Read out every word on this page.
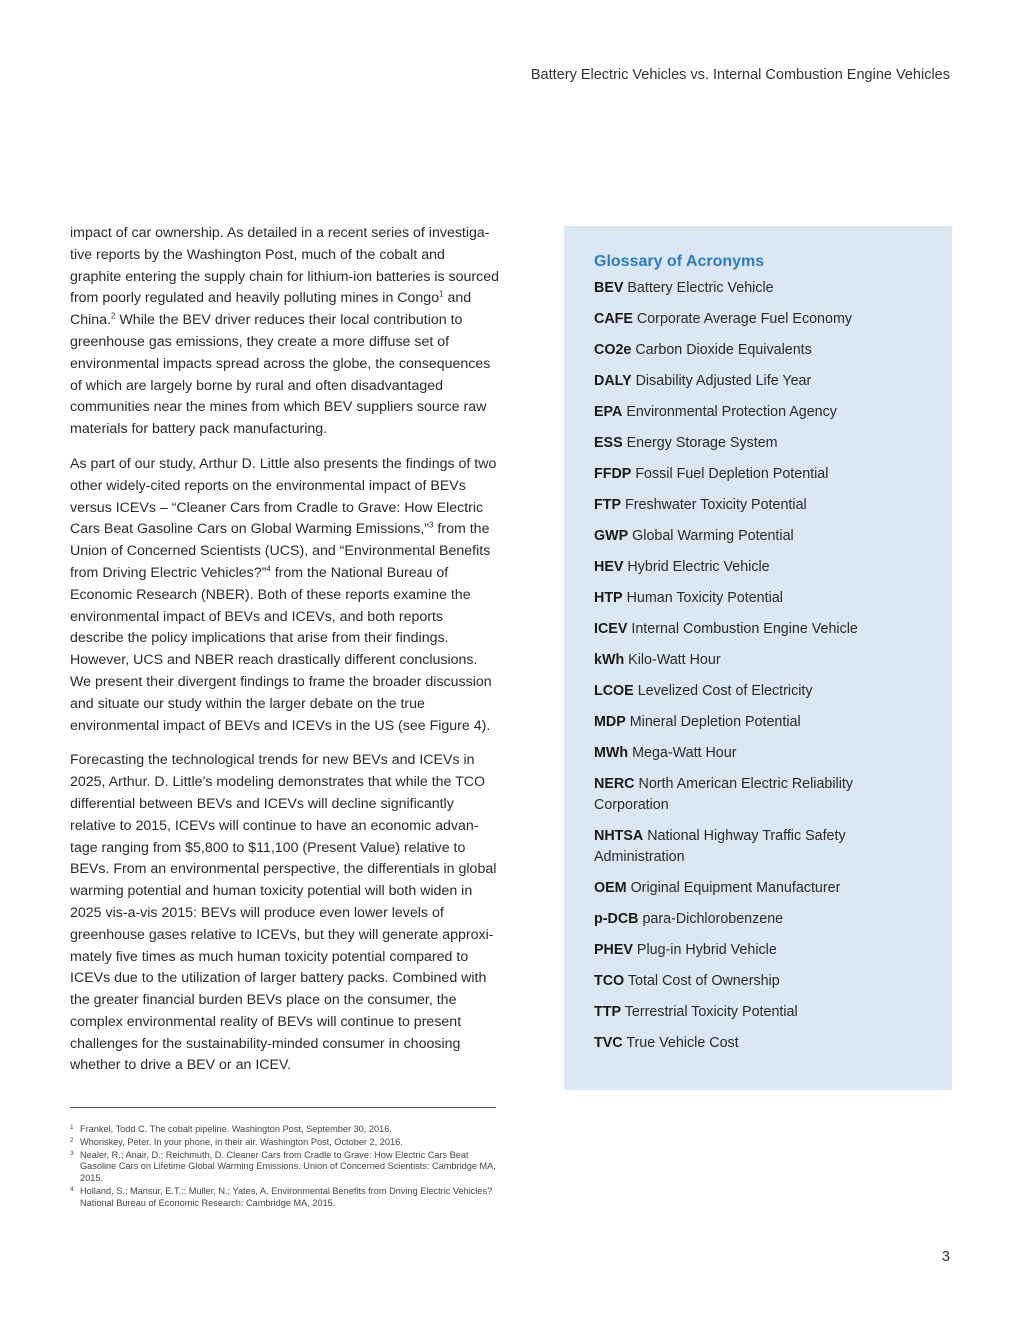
Battery Electric Vehicles vs. Internal Combustion Engine Vehicles

impact of car ownership. As detailed in a recent series of investiga-tive reports by the Washington Post, much of the cobalt and graphite entering the supply chain for lithium-ion batteries is sourced from poorly regulated and heavily polluting mines in Congo$^1$ and China.$^2$ While the BEV driver reduces their local contribution to greenhouse gas emissions, they create a more diffuse set of environmental impacts spread across the globe, the consequences of which are largely borne by rural and often disadvantaged communities near the mines from which BEV suppliers source raw materials for battery pack manufacturing.

As part of our study, Arthur D. Little also presents the findings of two other widely-cited reports on the environmental impact of BEVs versus ICEVs – “Cleaner Cars from Cradle to Grave: How Electric Cars Beat Gasoline Cars on Global Warming Emissions,”$^3$ from the Union of Concerned Scientists (UCS), and “Environmental Benefits from Driving Electric Vehicles?”$^4$ from the National Bureau of Economic Research (NBER). Both of these reports examine the environmental impact of BEVs and ICEVs, and both reports describe the policy implications that arise from their findings. However, UCS and NBER reach drastically different conclusions. We present their divergent findings to frame the broader discussion and situate our study within the larger debate on the true environmental impact of BEVs and ICEVs in the US (see Figure 4).

Forecasting the technological trends for new BEVs and ICEVs in 2025, Arthur. D. Little’s modeling demonstrates that while the TCO differential between BEVs and ICEVs will decline significantly relative to 2015, ICEVs will continue to have an economic advan-tage ranging from $5,800 to $11,100 (Present Value) relative to BEVs. From an environmental perspective, the differentials in global warming potential and human toxicity potential will both widen in 2025 vis-a-vis 2015: BEVs will produce even lower levels of greenhouse gases relative to ICEVs, but they will generate approxi-mately five times as much human toxicity potential compared to ICEVs due to the utilization of larger battery packs. Combined with the greater financial burden BEVs place on the consumer, the complex environmental reality of BEVs will continue to present challenges for the sustainability-minded consumer in choosing whether to drive a BEV or an ICEV.

Glossary of Acronyms
BEV Battery Electric Vehicle
CAFE Corporate Average Fuel Economy
CO2e Carbon Dioxide Equivalents
DALY Disability Adjusted Life Year
EPA Environmental Protection Agency
ESS Energy Storage System
FFDP Fossil Fuel Depletion Potential
FTP Freshwater Toxicity Potential
GWP Global Warming Potential
HEV Hybrid Electric Vehicle
HTP Human Toxicity Potential
ICEV Internal Combustion Engine Vehicle
kWh Kilo-Watt Hour
LCOE Levelized Cost of Electricity
MDP Mineral Depletion Potential
MWh Mega-Watt Hour
NERC North American Electric Reliability Corporation
NHTSA National Highway Traffic Safety Administration
OEM Original Equipment Manufacturer
p-DCB para-Dichlorobenzene
PHEV Plug-in Hybrid Vehicle
TCO Total Cost of Ownership
TTP Terrestrial Toxicity Potential
TVC True Vehicle Cost
1 Frankel, Todd C. The cobalt pipeline. Washington Post, September 30, 2016.
2 Whoriskey, Peter. In your phone, in their air. Washington Post, October 2, 2016.
3 Nealer, R.; Anair, D.; Reichmuth, D. Cleaner Cars from Cradle to Grave: How Electric Cars Beat Gasoline Cars on Lifetime Global Warming Emissions. Union of Concerned Scientists: Cambridge MA, 2015.
4 Holland, S.; Mansur, E.T.:: Muller, N.; Yates, A. Environmental Benefits from Driving Electric Vehicles? National Bureau of Economic Research: Cambridge MA, 2015.
3
